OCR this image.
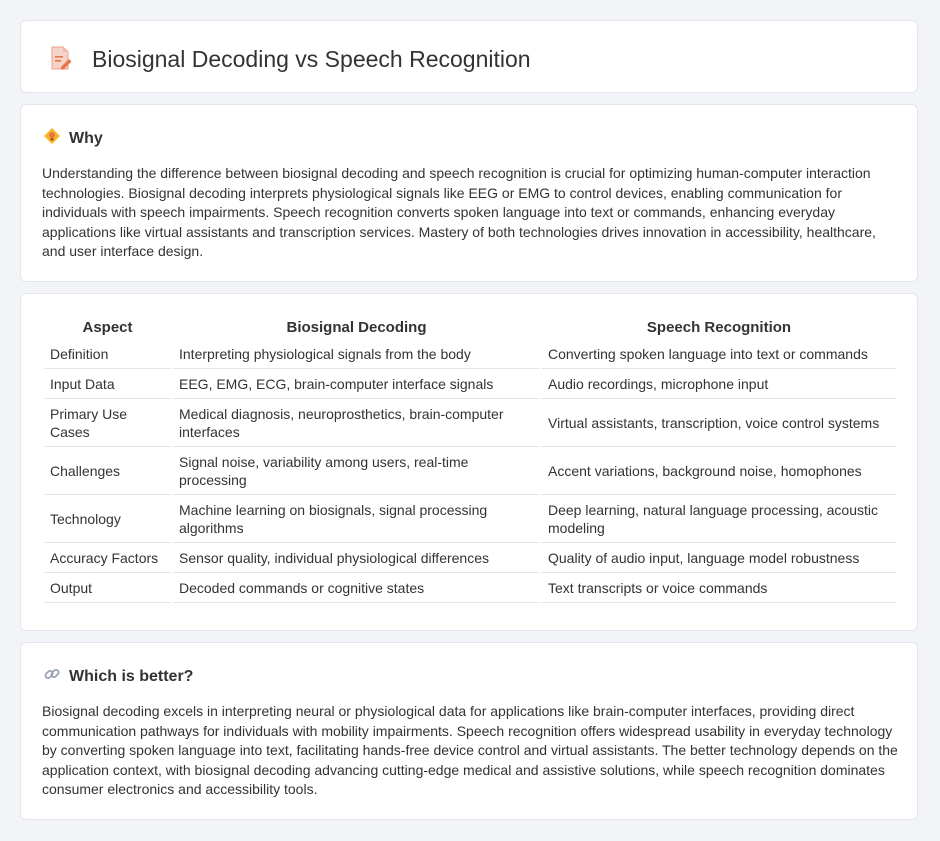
Biosignal Decoding vs Speech Recognition
Why

Understanding the difference between biosignal decoding and speech recognition is crucial for optimizing human-computer interaction technologies. Biosignal decoding interprets physiological signals like EEG or EMG to control devices, enabling communication for individuals with speech impairments. Speech recognition converts spoken language into text or commands, enhancing everyday applications like virtual assistants and transcription services. Mastery of both technologies drives innovation in accessibility, healthcare, and user interface design.

Aspect	Biosignal Decoding	Speech Recognition
Definition	Interpreting physiological signals from the body	Converting spoken language into text or commands
Input Data	EEG, EMG, ECG, brain-computer interface signals	Audio recordings, microphone input
Primary Use Cases	Medical diagnosis, neuroprosthetics, brain-computer interfaces	Virtual assistants, transcription, voice control systems
Challenges	Signal noise, variability among users, real-time processing	Accent variations, background noise, homophones
Technology	Machine learning on biosignals, signal processing algorithms	Deep learning, natural language processing, acoustic modeling
Accuracy Factors	Sensor quality, individual physiological differences	Quality of audio input, language model robustness
Output	Decoded commands or cognitive states	Text transcripts or voice commands
Which is better?

Biosignal decoding excels in interpreting neural or physiological data for applications like brain-computer interfaces, providing direct communication pathways for individuals with mobility impairments. Speech recognition offers widespread usability in everyday technology by converting spoken language into text, facilitating hands-free device control and virtual assistants. The better technology depends on the application context, with biosignal decoding advancing cutting-edge medical and assistive solutions, while speech recognition dominates consumer electronics and accessibility tools.
